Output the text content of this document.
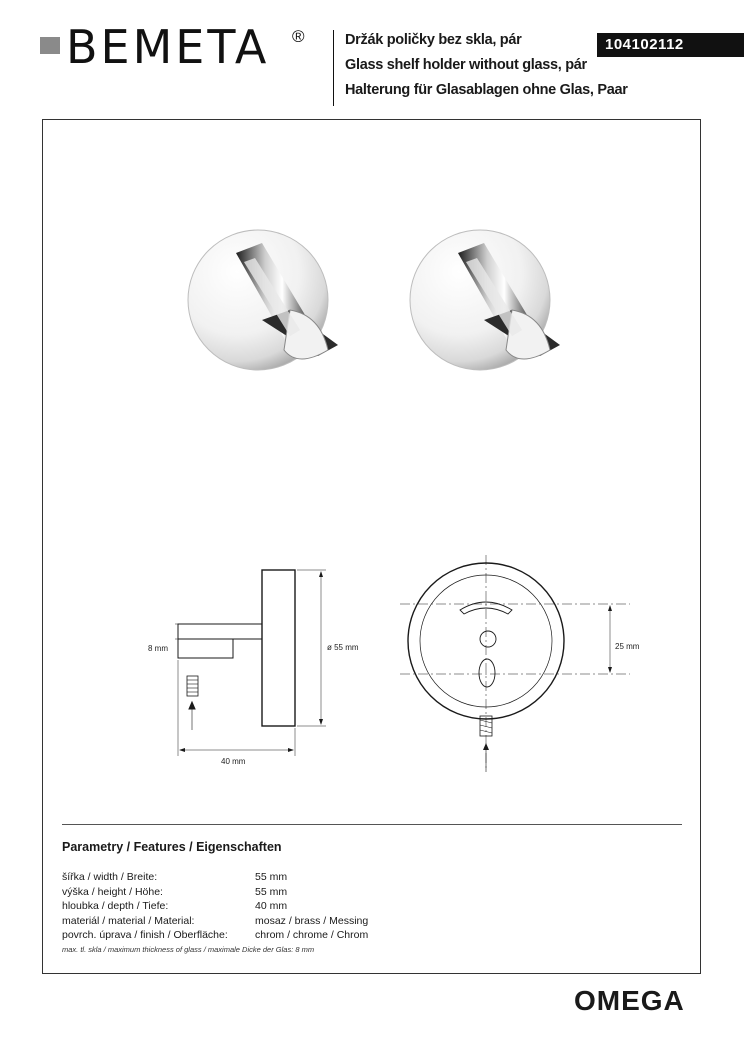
BEMETA ®	Držák poličky bez skla, pár
Glass shelf holder without glass, pár
Halterung für Glasablagen ohne Glas, Paar
104102112
8 mm	ø 55 mm
40 mm
25 mm
Parametry / Features / Eigenschaften
šířka / width / Breite:	55 mm
výška / height / Höhe:	55 mm
hloubka / depth / Tiefe:	40 mm
materiál / material / Material:	mosaz / brass / Messing
povrch. úprava / finish / Oberfläche:	chrom / chrome / Chrom
max. tl. skla / maximum thickness of glass / maximale Dicke der Glas: 8 mm
OMEGA
